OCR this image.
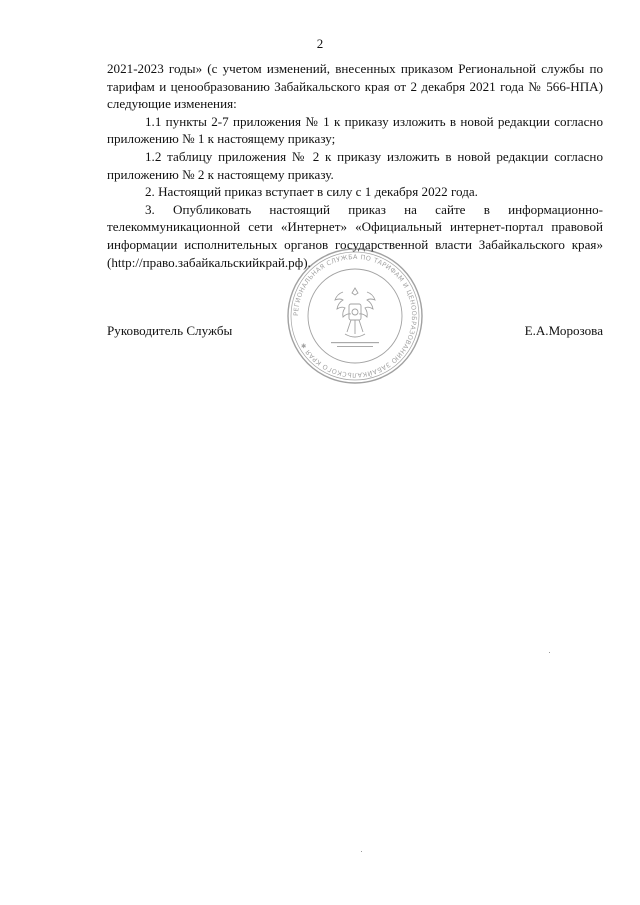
2

2021-2023 годы» (с учетом изменений, внесенных приказом Региональной службы по тарифам и ценообразованию Забайкальского края от 2 декабря 2021 года № 566-НПА) следующие изменения:

1.1 пункты 2-7 приложения № 1 к приказу изложить в новой редакции согласно приложению № 1 к настоящему приказу;

1.2 таблицу приложения № 2 к приказу изложить в новой редакции согласно приложению № 2 к настоящему приказу.

2. Настоящий приказ вступает в силу с 1 декабря 2022 года.

3. Опубликовать настоящий приказ на сайте в информационно-телекоммуникационной сети «Интернет» «Официальный интернет-портал правовой информации исполнительных органов государственной власти Забайкальского края» (http://право.забайкальскийкрай.рф).

РЕГИОНАЛЬНАЯ СЛУЖБА ПО ТАРИФАМ И ЦЕНООБРАЗОВАНИЮ ЗАБАЙКАЛЬСКОГО КРАЯ ✱
Руководитель Службы	Е.А.Морозова
